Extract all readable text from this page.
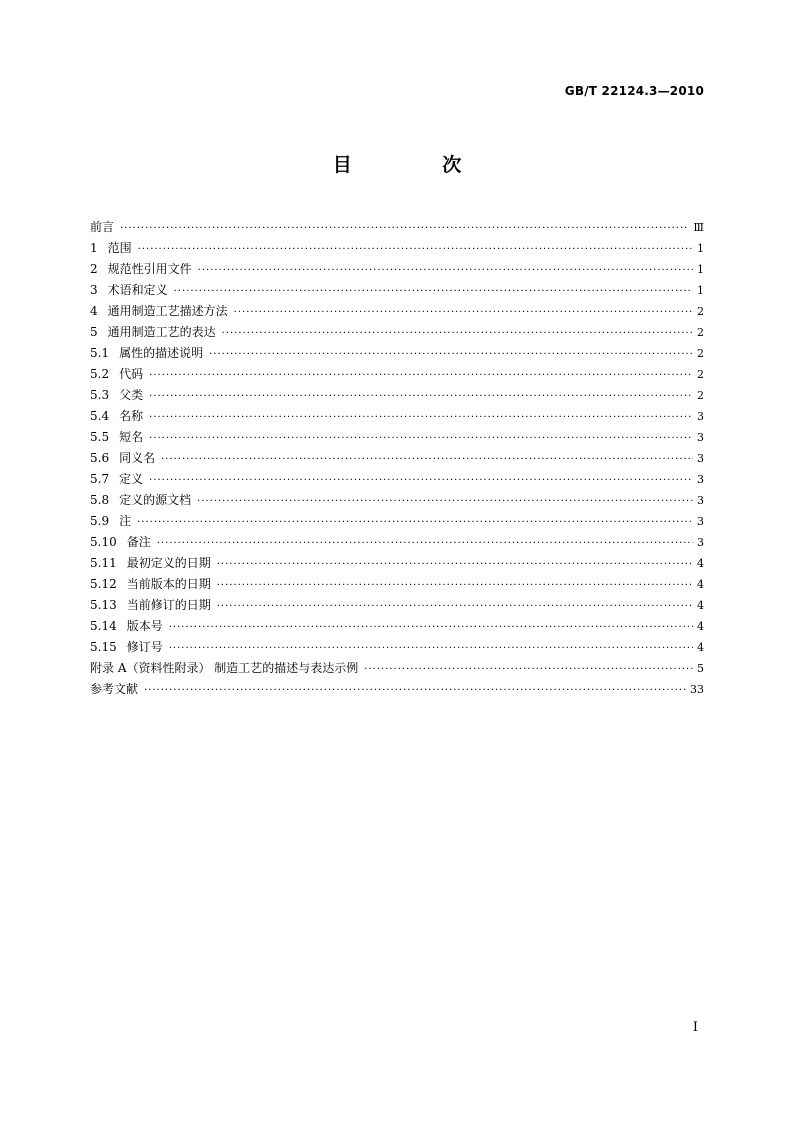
GB/T 22124.3—2010
目 次
前言 ·····	Ⅲ
1 范围 ·····	1
2 规范性引用文件 ·····	1
3 术语和定义 ·····	1
4 通用制造工艺描述方法 ·····	2
5 通用制造工艺的表达 ·····	2
5.1 属性的描述说明 ·····	2
5.2 代码 ·····	2
5.3 父类 ·····	2
5.4 名称 ·····	3
5.5 短名 ·····	3
5.6 同义名 ·····	3
5.7 定义 ·····	3
5.8 定义的源文档 ·····	3
5.9 注 ·····	3
5.10 备注 ·····	3
5.11 最初定义的日期 ·····	4
5.12 当前版本的日期 ·····	4
5.13 当前修订的日期 ·····	4
5.14 版本号 ·····	4
5.15 修订号 ·····	4
附录 A（资料性附录） 制造工艺的描述与表达示例 ·····	5
参考文献 ·····	33
Ⅰ
